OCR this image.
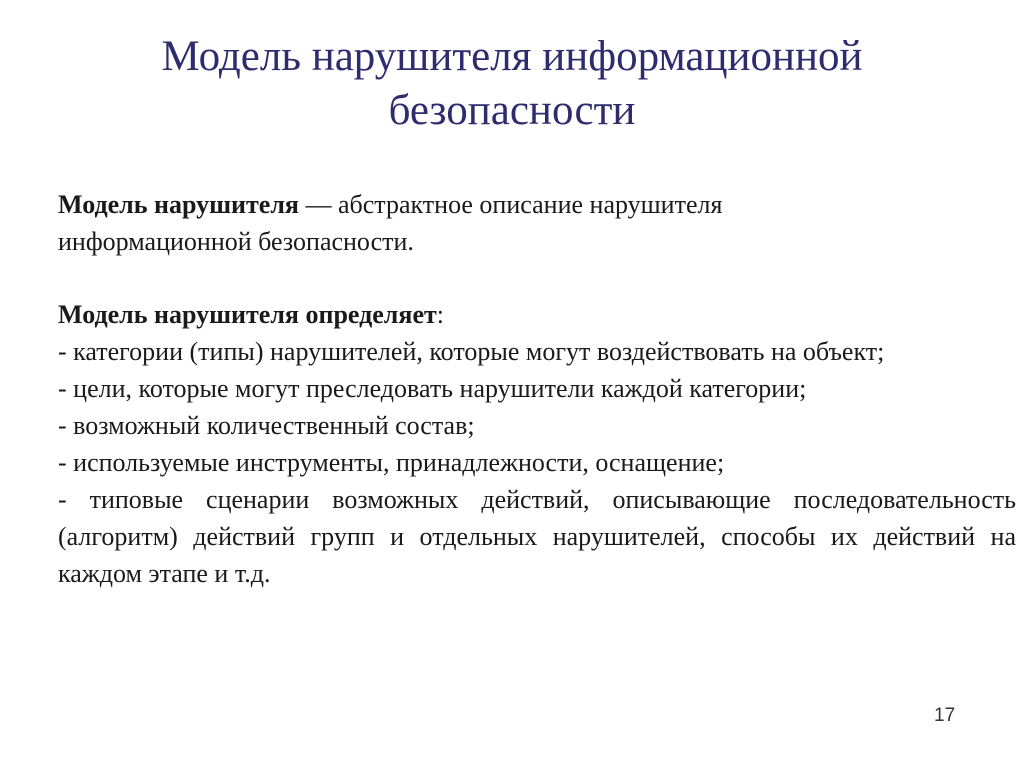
Модель нарушителя информационной
безопасности

Модель нарушителя — абстрактное описание нарушителя
информационной безопасности.

Модель нарушителя определяет:

- категории (типы) нарушителей, которые могут воздействовать на объект;

- цели, которые могут преследовать нарушители каждой категории;

- возможный количественный состав;

- используемые инструменты, принадлежности, оснащение;

- типовые сценарии возможных действий, описывающие последовательность (алгоритм) действий групп и отдельных нарушителей, способы их действий на каждом этапе и т.д.

17
